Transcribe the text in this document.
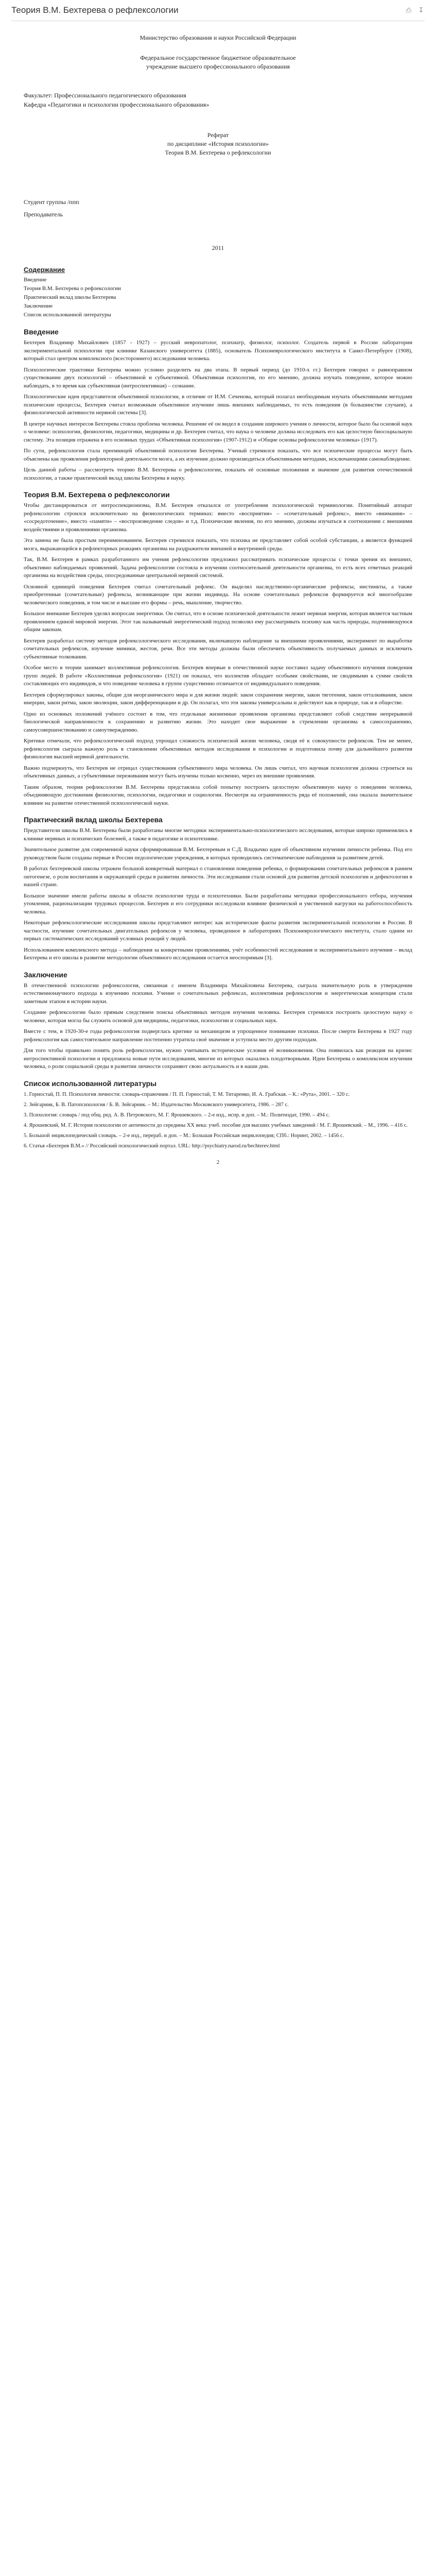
Теория В.М. Бехтерева о рефлексологии	⎙ ↧
Министерство образования и науки Российской Федерации
Федеральное государственное бюджетное образовательное
учреждение высшего профессионального образования
Факультет: Профессионального педагогического образования
Кафедра «Педагогики и психологии профессионального образования»
Реферат
по дисциплине «История психологии»
Теория В.М. Бехтерева о рефлексологии
Студент группы /ппп
Преподаватель
2011
Содержание
Введение
Теория В.М. Бехтерева о рефлексологии
Практический вклад школы Бехтерева
Заключение
Список использованной литературы
Введение

Бехтерев Владимир Михайлович (1857 - 1927) – русский невропатолог, психиатр, физиолог, психолог. Создатель первой в России лаборатории экспериментальной психологии при клинике Казанского университета (1885), основатель Психоневрологического института в Санкт-Петербурге (1908), который стал центром комплексного (всестороннего) исследования человека.

Психологические трактовки Бехтерева можно условно разделить на два этапа. В первый период (до 1910-х гг.) Бехтерев говорил о равноправном существовании двух психологий – объективной и субъективной. Объективная психология, по его мнению, должна изучать поведение, которое можно наблюдать, в то время как субъективная (интроспективная) – сознание.

Психологические идеи представителя объективной психологии, в отличие от И.М. Сеченова, который полагал необходимым изучать объективными методами психические процессы, Бехтерев считал возможным объективное изучение лишь внешних наблюдаемых, то есть поведения (в большинстве случаев), а физиологической активности нервной системы [3].

В центре научных интересов Бехтерева стояла проблема человека. Решение её он видел в создании широкого учения о личности, которое было бы основой наук о человеке: психологии, физиологии, педагогики, медицины и др. Бехтерев считал, что наука о человеке должна исследовать его как целостную биосоциальную систему. Эта позиция отражена в его основных трудах «Объективная психология» (1907-1912) и «Общие основы рефлексологии человека» (1917).

По сути, рефлексология стала преемницей объективной психологии Бехтерева. Ученый стремился показать, что все психические процессы могут быть объяснены как проявления рефлекторной деятельности мозга, а их изучение должно производиться объективными методами, исключающими самонаблюдение.

Цель данной работы – рассмотреть теорию В.М. Бехтерева о рефлексологии, показать её основные положения и значение для развития отечественной психологии, а также практический вклад школы Бехтерева в науку.

Теория В.М. Бехтерева о рефлексологии

Чтобы дистанцироваться от интроспекционизма, В.М. Бехтерев отказался от употребления психологической терминологии. Понятийный аппарат рефлексологии строился исключительно на физиологических терминах: вместо «восприятия» – «сочетательный рефлекс», вместо «внимания» – «сосредоточение», вместо «памяти» – «воспроизведение следов» и т.д. Психические явления, по его мнению, должны изучаться в соотношении с внешними воздействиями и проявлениями организма.

Эта замена не была простым переименованием. Бехтерев стремился показать, что психика не представляет собой особой субстанции, а является функцией мозга, выражающейся в рефлекторных реакциях организма на раздражители внешней и внутренней среды.

Так, В.М. Бехтерев в рамках разработанного им учения рефлексологии предложил рассматривать психические процессы с точки зрения их внешних, объективно наблюдаемых проявлений. Задача рефлексологии состояла в изучении соотносительной деятельности организма, то есть всех ответных реакций организма на воздействия среды, опосредованные центральной нервной системой.

Основной единицей поведения Бехтерев считал сочетательный рефлекс. Он выделял наследственно-органические рефлексы, инстинкты, а также приобретенные (сочетательные) рефлексы, возникающие при жизни индивида. На основе сочетательных рефлексов формируется всё многообразие человеческого поведения, в том числе и высшие его формы – речь, мышление, творчество.

Большое внимание Бехтерев уделял вопросам энергетики. Он считал, что в основе психической деятельности лежит нервная энергия, которая является частным проявлением единой мировой энергии. Этот так называемый энергетический подход позволял ему рассматривать психику как часть природы, подчиняющуюся общим законам.

Бехтерев разработал систему методов рефлексологического исследования, включавшую наблюдение за внешними проявлениями, эксперимент по выработке сочетательных рефлексов, изучение мимики, жестов, речи. Все эти методы должны были обеспечить объективность получаемых данных и исключить субъективные толкования.

Особое место в теории занимает коллективная рефлексология. Бехтерев впервые в отечественной науке поставил задачу объективного изучения поведения групп людей. В работе «Коллективная рефлексология» (1921) он показал, что коллектив обладает особыми свойствами, не сводимыми к сумме свойств составляющих его индивидов, и что поведение человека в группе существенно отличается от индивидуального поведения.

Бехтерев сформулировал законы, общие для неорганического мира и для жизни людей: закон сохранения энергии, закон тяготения, закон отталкивания, закон инерции, закон ритма, закон эволюции, закон дифференциации и др. Он полагал, что эти законы универсальны и действуют как в природе, так и в обществе.

Одно из основных положений учёного состоит в том, что отдельные жизненные проявления организма представляют собой следствие непрерывной биологической направленности к сохранению и развитию жизни. Это находит свое выражение в стремлении организма к самосохранению, самоусовершенствованию и самоутверждению.

Критики отмечали, что рефлексологический подход упрощал сложность психической жизни человека, сводя её к совокупности рефлексов. Тем не менее, рефлексология сыграла важную роль в становлении объективных методов исследования в психологии и подготовила почву для дальнейшего развития физиологии высшей нервной деятельности.

Важно подчеркнуть, что Бехтерев не отрицал существования субъективного мира человека. Он лишь считал, что научная психология должна строиться на объективных данных, а субъективные переживания могут быть изучены только косвенно, через их внешние проявления.

Таким образом, теория рефлексологии В.М. Бехтерева представляла собой попытку построить целостную объективную науку о поведении человека, объединяющую достижения физиологии, психологии, педагогики и социологии. Несмотря на ограниченность ряда её положений, она оказала значительное влияние на развитие отечественной психологической науки.

Практический вклад школы Бехтерева

Представители школы В.М. Бехтерева были разработаны многие методики экспериментально-психологического исследования, которые широко применялись в клинике нервных и психических болезней, а также в педагогике и психотехнике.

Значительное развитие для современной науки сформировавшая В.М. Бехтеревым и С.Д. Владычко идея об объективном изучении личности ребенка. Под его руководством были созданы первые в России педологические учреждения, в которых проводились систематические наблюдения за развитием детей.

В работах бехтеревской школы отражен большой конкретный материал о становлении поведения ребенка, о формировании сочетательных рефлексов в раннем онтогенезе, о роли воспитания и окружающей среды в развитии личности. Эти исследования стали основой для развития детской психологии и дефектологии в нашей стране.

Большое значение имели работы школы в области психологии труда и психотехники. Были разработаны методики профессионального отбора, изучения утомления, рационализации трудовых процессов. Бехтерев и его сотрудники исследовали влияние физической и умственной нагрузки на работоспособность человека.

Некоторые рефлексологические исследования школы представляют интерес как исторические факты развития экспериментальной психологии в России. В частности, изучение сочетательных двигательных рефлексов у человека, проведенное в лабораториях Психоневрологического института, стало одним из первых систематических исследований условных реакций у людей.

Использованием комплексного метода – наблюдения за конкретными проявлениями, учёт особенностей исследования и экспериментального изучения – вклад Бехтерева и его школы в развитие методологии объективного исследования остается неоспоримым [3].

Заключение

В отечественной психологии рефлексология, связанная с именем Владимира Михайловича Бехтерева, сыграла значительную роль в утверждении естественнонаучного подхода к изучению психики. Учение о сочетательных рефлексах, коллективная рефлексология и энергетическая концепция стали заметным этапом в истории науки.

Создание рефлексологии было прямым следствием поиска объективных методов изучения человека. Бехтерев стремился построить целостную науку о человеке, которая могла бы служить основой для медицины, педагогики, психологии и социальных наук.

Вместе с тем, в 1920-30-е годы рефлексология подверглась критике за механицизм и упрощенное понимание психики. После смерти Бехтерева в 1927 году рефлексология как самостоятельное направление постепенно утратила своё значение и уступила место другим подходам.

Для того чтобы правильно понять роль рефлексологии, нужно учитывать исторические условия её возникновения. Она появилась как реакция на кризис интроспективной психологии и предложила новые пути исследования, многие из которых оказались плодотворными. Идеи Бехтерева о комплексном изучении человека, о роли социальной среды в развитии личности сохраняют свою актуальность и в наши дни.

Список использованной литературы
1. Горностай, П. П. Психология личности: словарь-справочник / П. П. Горностай, Т. М. Титаренко, И. А. Грабская. – К.: «Рута», 2001. – 320 с.
2. Зейгарник, Б. В. Патопсихология / Б. В. Зейгарник. – М.: Издательство Московского университета, 1986. – 287 с.
3. Психология: словарь / под общ. ред. А. В. Петровского, М. Г. Ярошевского. – 2-е изд., испр. и доп. – М.: Политиздат, 1990. – 494 с.
4. Ярошевский, М. Г. История психологии от античности до середины XX века: учеб. пособие для высших учебных заведений / М. Г. Ярошевский. – М., 1996. – 416 с.
5. Большой энциклопедический словарь. – 2-е изд., перераб. и доп. – М.: Большая Российская энциклопедия; СПб.: Норинт, 2002. – 1456 с.
6. Статья «Бехтерев В.М.» // Российский психологический портал. URL: http://psychiatry.narod.ru/bechterev.html
2
